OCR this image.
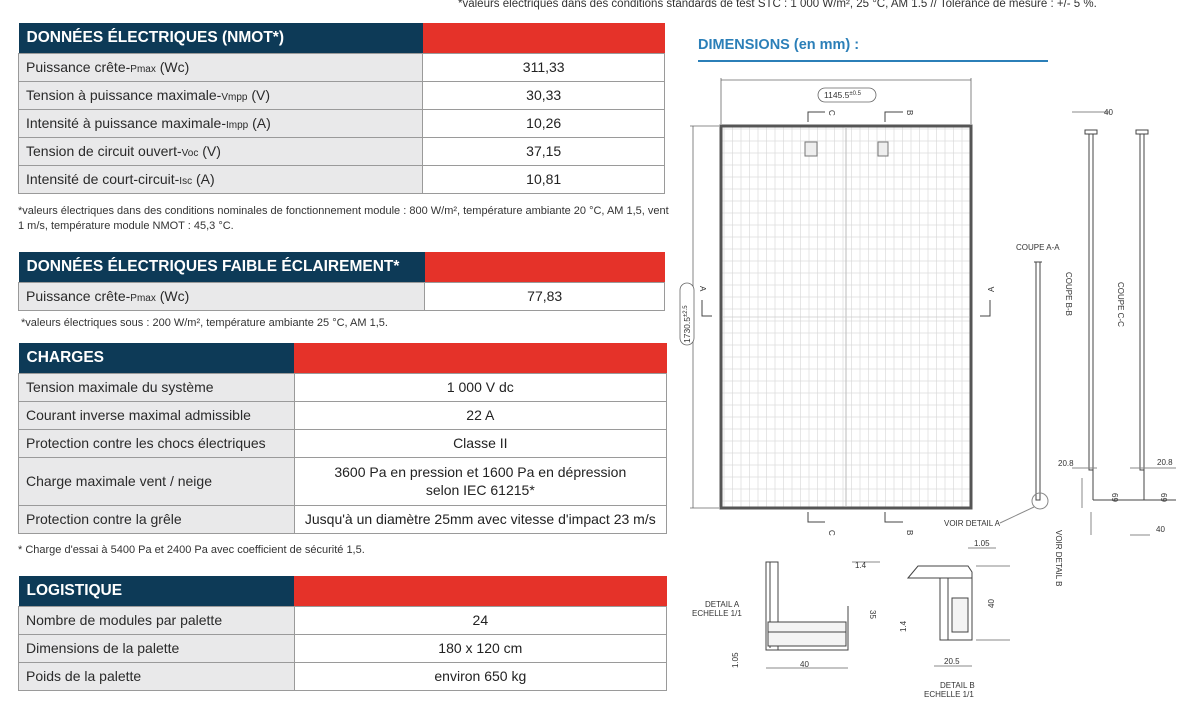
*valeurs électriques dans des conditions standards de test STC : 1 000 W/m², 25 °C, AM 1.5 // Tolérance de mesure : +/- 5 %.
DONNÉES ÉLECTRIQUES (NMOT*)	
Puissance crête-Pmax (Wc)	311,33
Tension à puissance maximale-Vmpp (V)	30,33
Intensité à puissance maximale-Impp (A)	10,26
Tension de circuit ouvert-Voc (V)	37,15
Intensité de court-circuit-Isc (A)	10,81
*valeurs électriques dans des conditions nominales de fonctionnement module : 800 W/m², température ambiante 20 °C, AM 1,5, vent 1 m/s, température module NMOT : 45,3 °C.
DONNÉES ÉLECTRIQUES FAIBLE ÉCLAIREMENT*	
Puissance crête-Pmax (Wc)	77,83
*valeurs électriques sous : 200 W/m², température ambiante 25 °C, AM 1,5.
CHARGES	
Tension maximale du système	1 000 V dc
Courant inverse maximal admissible	22 A
Protection contre les chocs électriques	Classe II
Charge maximale vent / neige	3600 Pa en pression et 1600 Pa en dépression
selon IEC 61215*

Protection contre la grêle	Jusqu'à un diamètre 25mm avec vitesse d'impact 23 m/s
* Charge d'essai à 5400 Pa et 2400 Pa avec coefficient de sécurité 1,5.
LOGISTIQUE	
Nombre de modules par palette	24
Dimensions de la palette	180 x 120 cm
Poids de la palette	environ 650 kg
DIMENSIONS (en mm) :
$1145.5^{\pm 0.5}$
$1730.5^{\pm 2.5}$
C	B
C	B
A	A
COUPE A-A
VOIR DETAIL A
40
20.8
69
COUPE B-B
VOIR DETAIL B
COUPE C-C
20.8
69
40
DETAIL A
ECHELLE 1/1
1.4
35
40
1.05
1.05
40
1.4
20.5
DETAIL B
ECHELLE 1/1
